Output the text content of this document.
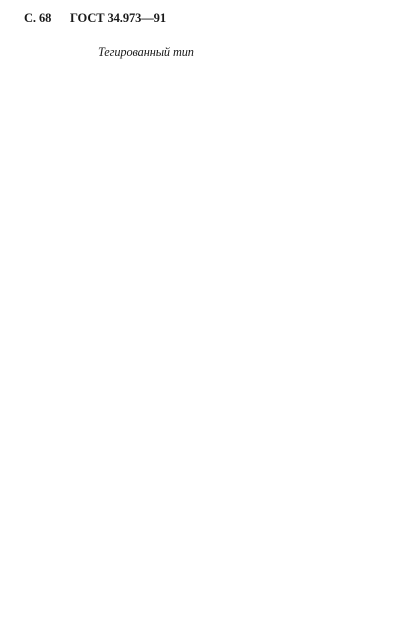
С. 68 ГОСТ 34.973—91
Тегированный тип
